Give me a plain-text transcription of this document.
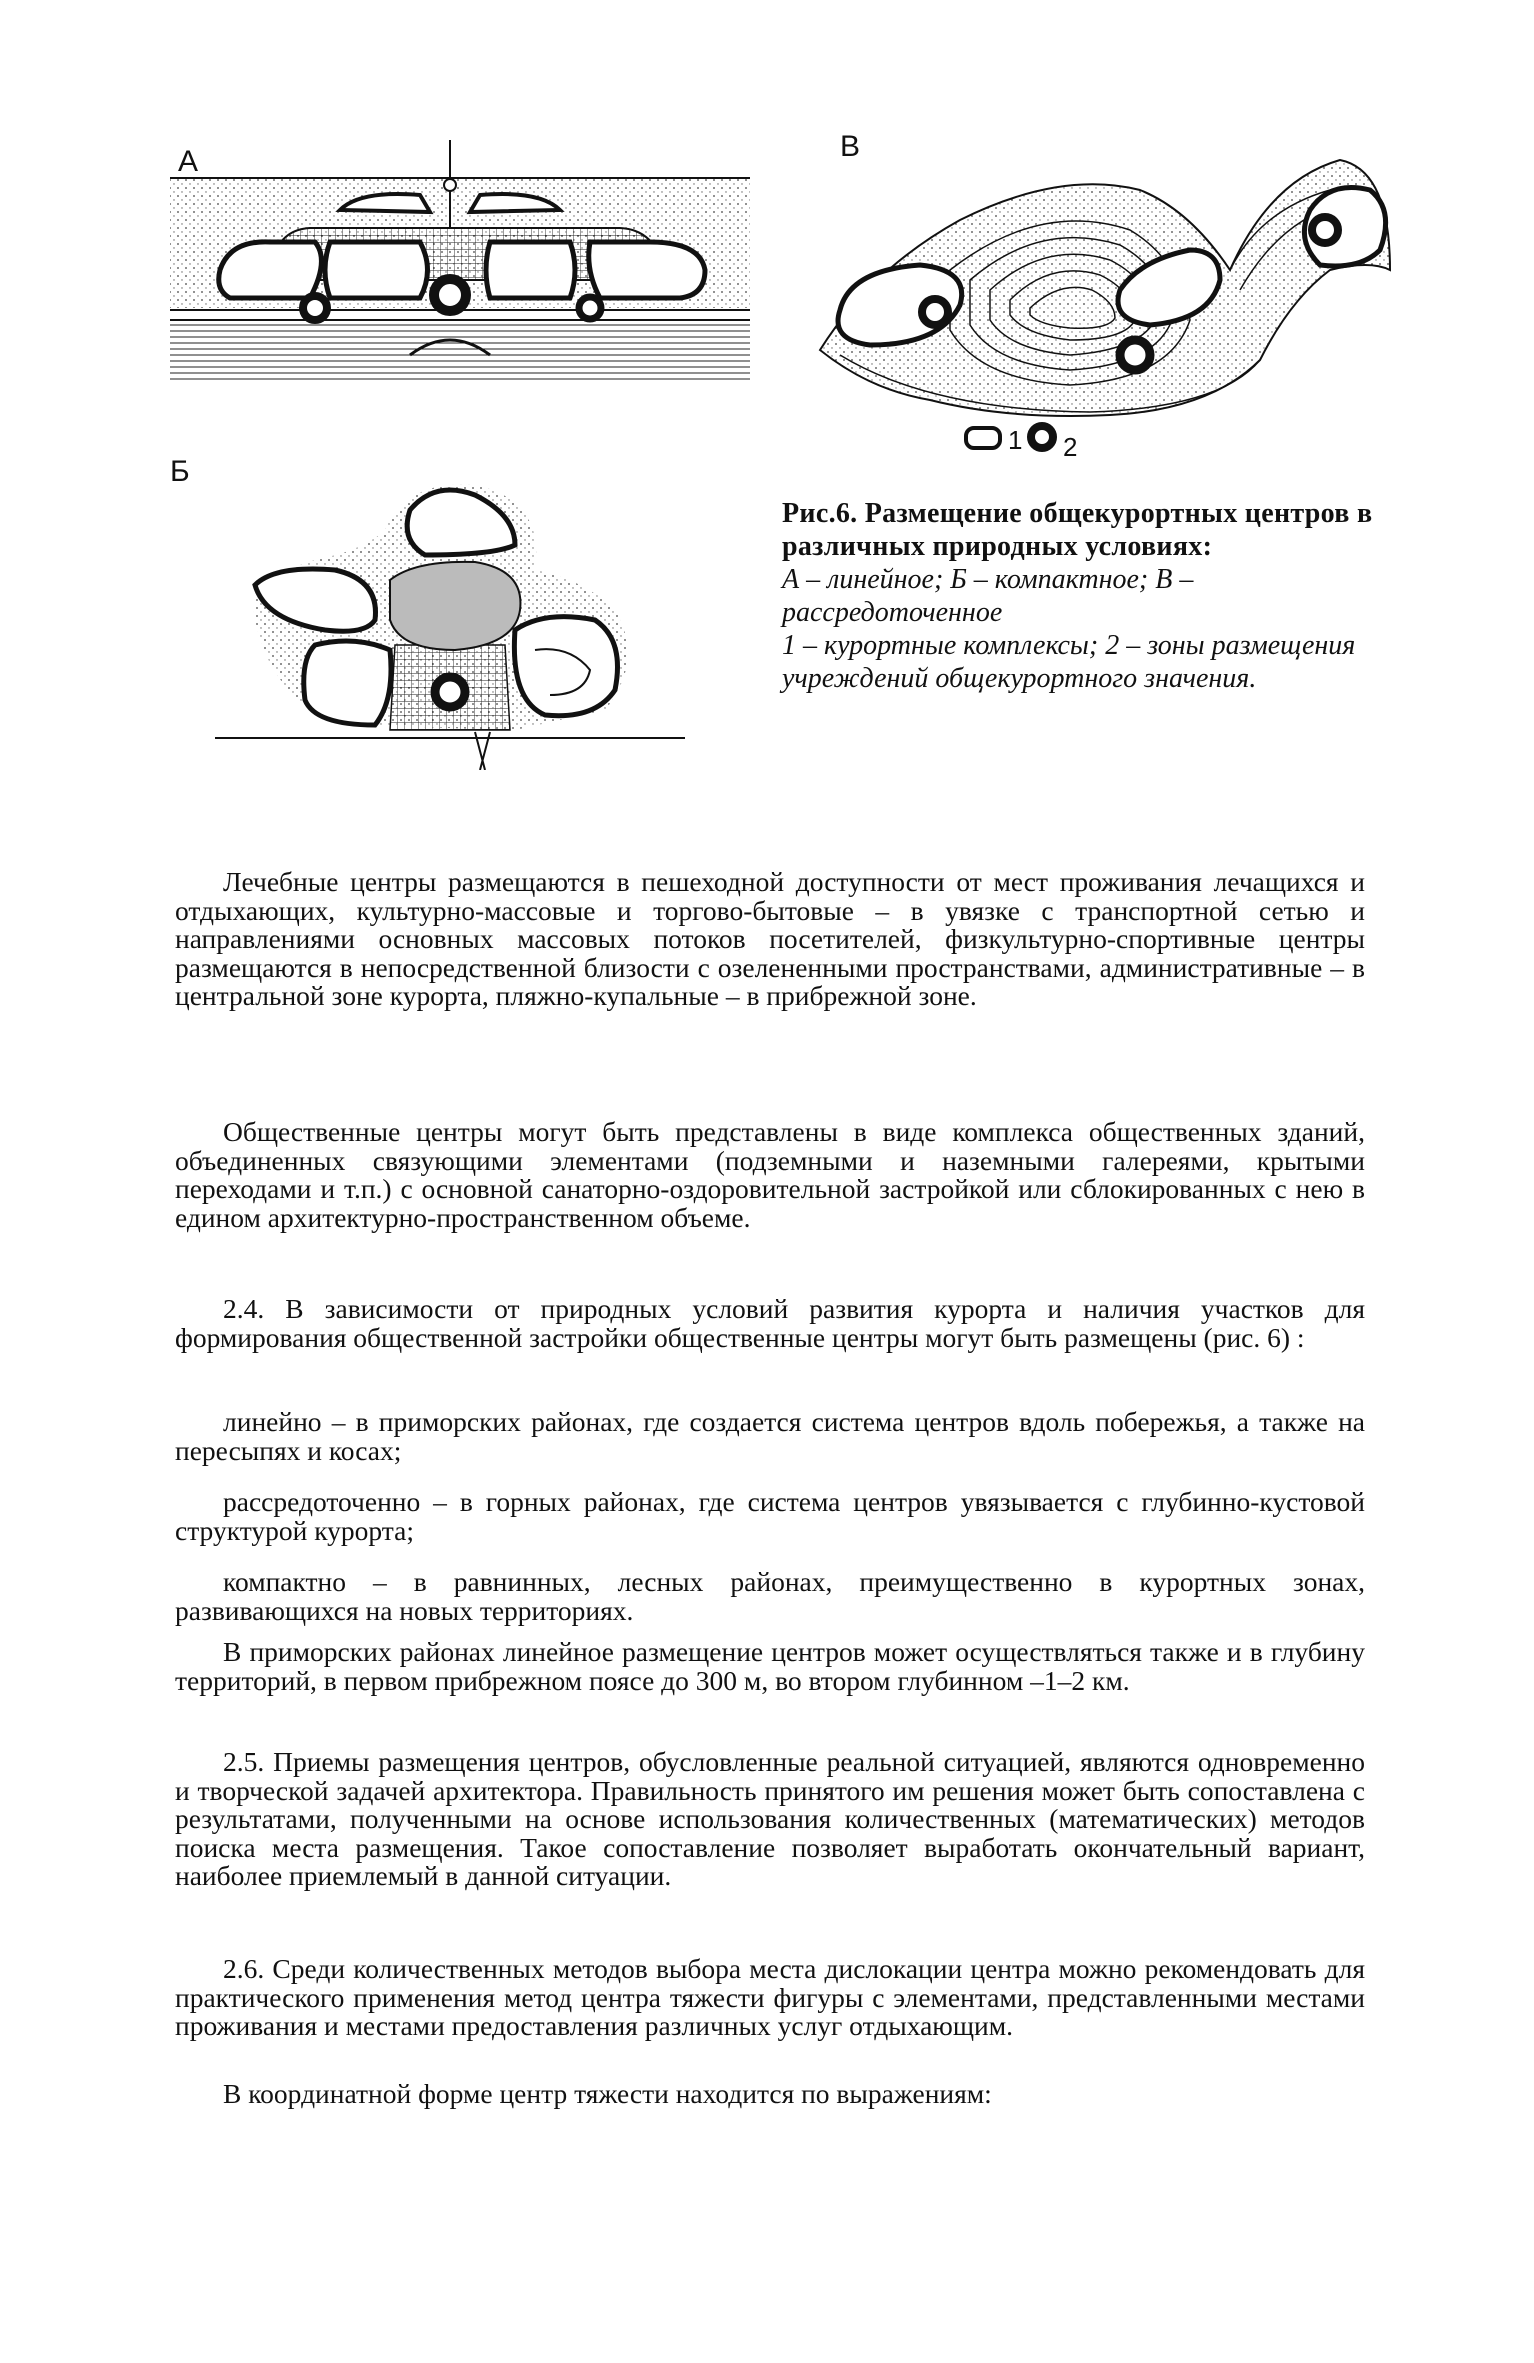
А	В
Б
1 2
Рис.6. Размещение общекурортных центров в различных природных условиях:
А – линейное; Б – компактное; В – рассредоточенное
1 – курортные комплексы; 2 – зоны размещения учреждений общекурортного значения.

Лечебные центры размещаются в пешеходной доступности от мест проживания лечащихся и отдыхающих, культурно-массовые и торгово-бытовые – в увязке с транспортной сетью и направлениями основных массовых потоков посетителей, физкультурно-спортивные центры размещаются в непосредственной близости с озелененными пространствами, административные – в центральной зоне курорта, пляжно-купальные – в прибрежной зоне.

Общественные центры могут быть представлены в виде комплекса общественных зданий, объединенных связующими элементами (подземными и наземными галереями, крытыми переходами и т.п.) с основной санаторно-оздоровительной застройкой или сблокированных с нею в едином архитектурно-пространственном объеме.

2.4. В зависимости от природных условий развития курорта и наличия участков для формирования общественной застройки общественные центры могут быть размещены (рис. 6) :

линейно – в приморских районах, где создается система центров вдоль побережья, а также на пересыпях и косах;

рассредоточенно – в горных районах, где система центров увязывается с глубинно-кустовой структурой курорта;

компактно – в равнинных, лесных районах, преимущественно в курортных зонах, развивающихся на новых территориях.

В приморских районах линейное размещение центров может осуществляться также и в глубину территорий, в первом прибрежном поясе до 300 м, во втором глубинном –1–2 км.

2.5. Приемы размещения центров, обусловленные реальной ситуацией, являются одновременно и творческой задачей архитектора. Правильность принятого им решения может быть сопоставлена с результатами, полученными на основе использования количественных (математических) методов поиска места размещения. Такое сопоставление позволяет выработать окончательный вариант, наиболее приемлемый в данной ситуации.

2.6. Среди количественных методов выбора места дислокации центра можно рекомендовать для практического применения метод центра тяжести фигуры с элементами, представленными местами проживания и местами предоставления различных услуг отдыхающим.

В координатной форме центр тяжести находится по выражениям:
